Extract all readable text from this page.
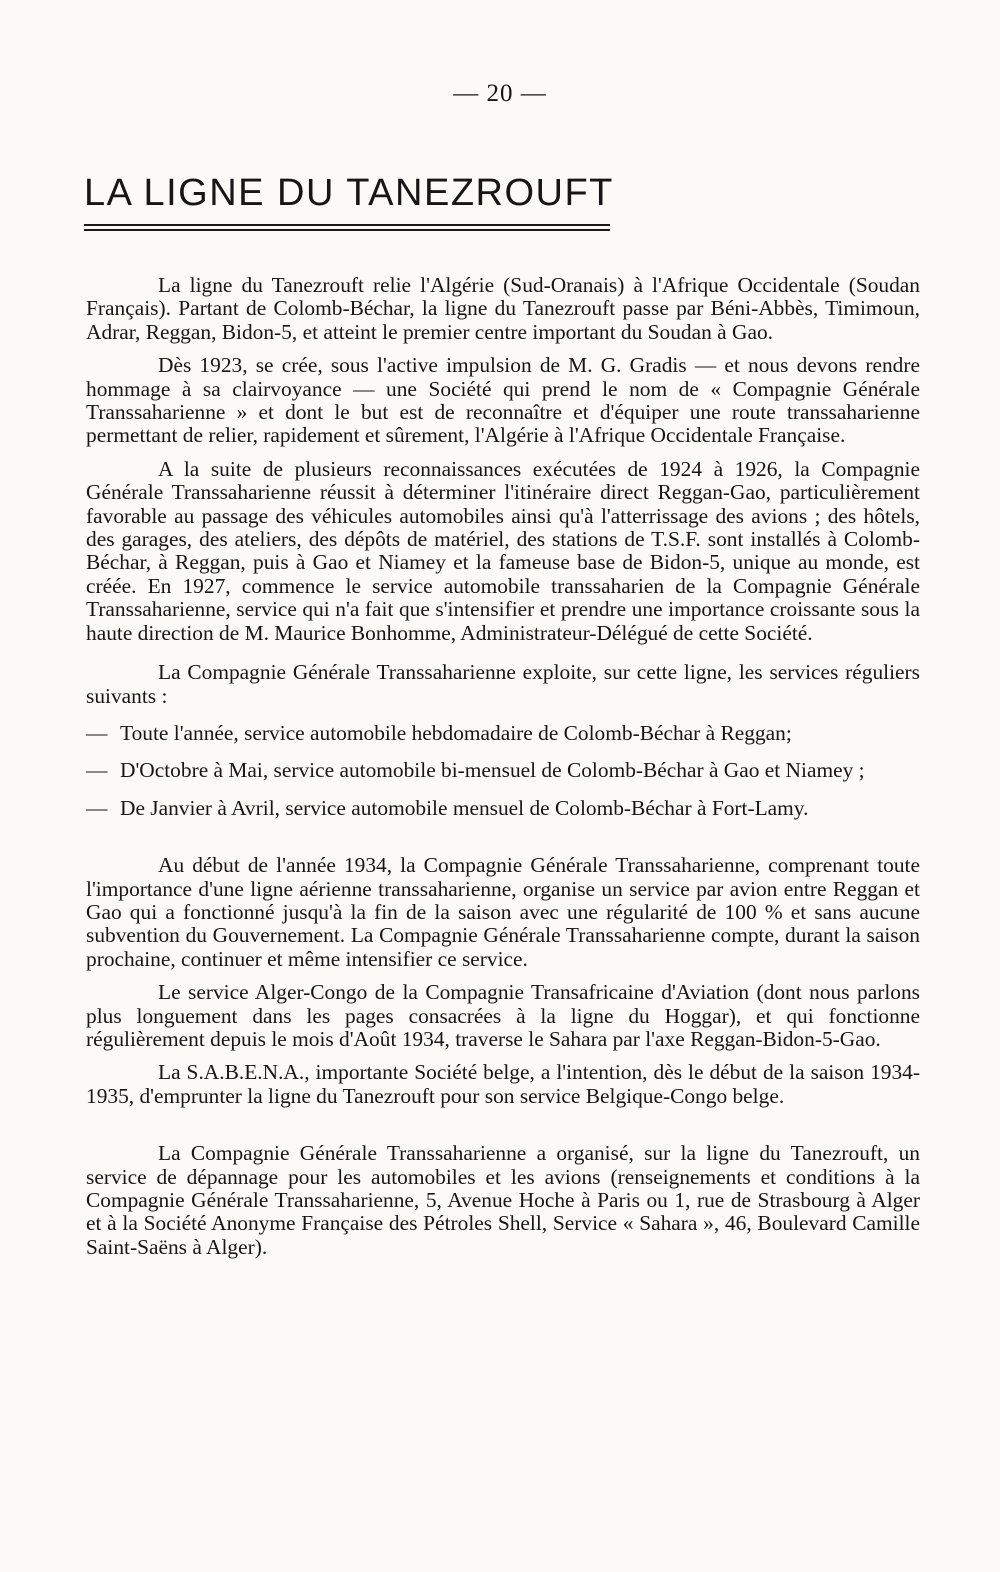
— 20 —
LA LIGNE DU TANEZROUFT

La ligne du Tanezrouft relie l'Algérie (Sud-Oranais) à l'Afrique Occidentale (Soudan Français). Partant de Colomb-Béchar, la ligne du Tanezrouft passe par Béni-Abbès, Timimoun, Adrar, Reggan, Bidon-5, et atteint le premier centre important du Soudan à Gao.

Dès 1923, se crée, sous l'active impulsion de M. G. Gradis — et nous devons rendre hommage à sa clairvoyance — une Société qui prend le nom de « Compagnie Générale Transsaharienne » et dont le but est de reconnaître et d'équiper une route transsaharienne permettant de relier, rapidement et sûrement, l'Algérie à l'Afrique Occidentale Française.

A la suite de plusieurs reconnaissances exécutées de 1924 à 1926, la Compagnie Générale Transsaharienne réussit à déterminer l'itinéraire direct Reggan-Gao, particulièrement favorable au passage des véhicules automobiles ainsi qu'à l'atterrissage des avions ; des hôtels, des garages, des ateliers, des dépôts de matériel, des stations de T.S.F. sont installés à Colomb-Béchar, à Reggan, puis à Gao et Niamey et la fameuse base de Bidon-5, unique au monde, est créée. En 1927, commence le service automobile transsaharien de la Compagnie Générale Transsaharienne, service qui n'a fait que s'intensifier et prendre une importance croissante sous la haute direction de M. Maurice Bonhomme, Administrateur-Délégué de cette Société.

La Compagnie Générale Transsaharienne exploite, sur cette ligne, les services réguliers suivants :

— Toute l'année, service automobile hebdomadaire de Colomb-Béchar à Reggan;
— D'Octobre à Mai, service automobile bi-mensuel de Colomb-Béchar à Gao et Niamey ;
— De Janvier à Avril, service automobile mensuel de Colomb-Béchar à Fort-Lamy.

Au début de l'année 1934, la Compagnie Générale Transsaharienne, comprenant toute l'importance d'une ligne aérienne transsaharienne, organise un service par avion entre Reggan et Gao qui a fonctionné jusqu'à la fin de la saison avec une régularité de 100 % et sans aucune subvention du Gouvernement. La Compagnie Générale Transsaharienne compte, durant la saison prochaine, continuer et même intensifier ce service.

Le service Alger-Congo de la Compagnie Transafricaine d'Aviation (dont nous parlons plus longuement dans les pages consacrées à la ligne du Hoggar), et qui fonctionne régulièrement depuis le mois d'Août 1934, traverse le Sahara par l'axe Reggan-Bidon-5-Gao.

La S.A.B.E.N.A., importante Société belge, a l'intention, dès le début de la saison 1934-1935, d'emprunter la ligne du Tanezrouft pour son service Belgique-Congo belge.

La Compagnie Générale Transsaharienne a organisé, sur la ligne du Tanezrouft, un service de dépannage pour les automobiles et les avions (renseignements et conditions à la Compagnie Générale Transsaharienne, 5, Avenue Hoche à Paris ou 1, rue de Strasbourg à Alger et à la Société Anonyme Française des Pétroles Shell, Service « Sahara », 46, Boulevard Camille Saint-Saëns à Alger).
